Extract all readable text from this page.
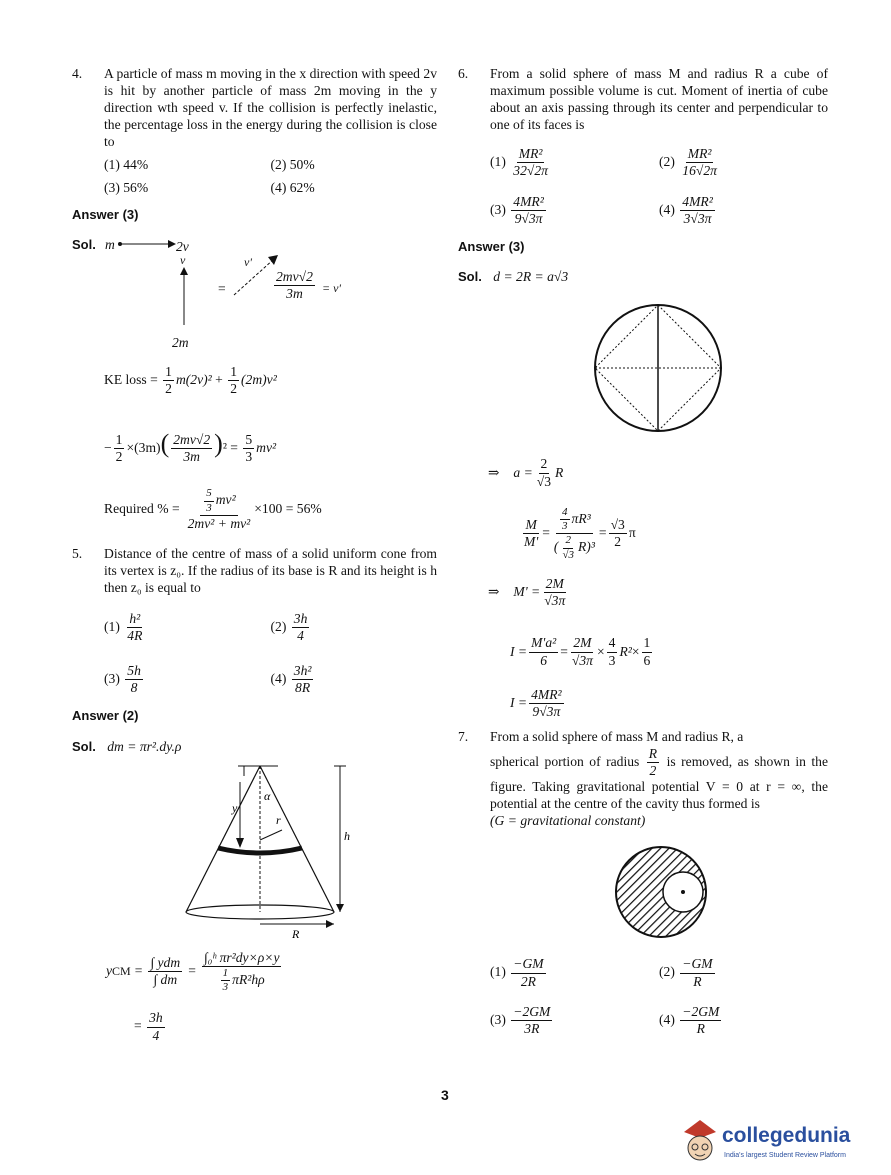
4.	A particle of mass m moving in the x direction with speed 2v is hit by another particle of mass 2m moving in the y direction wth speed v. If the collision is perfectly inelastic, the percentage loss in the energy during the collision is close to
(1) 44%	(2) 50%
(3) 56%	(4) 62%
Answer (3)
Sol. m	2v
v
2m
=
v'
$\frac{2mv√2}{3m} = v'$
KE loss = $\frac{1}{2} m(2v)^2 + \frac{1}{2} (2m)v^2$
− $\frac{1}{2} \times(3m)( \frac{2mv√2}{3m} )^2 = \frac{5}{3} mv^2$
Required % = $\frac{\frac{5}{3} mv^2}{\text{2mv² + mv²}} \times 100 = 56\%$
5.	Distance of the centre of mass of a solid uniform cone from its vertex is z₀. If the radius of its base is R and its height is h then z₀ is equal to
$(1) \frac{\text{h²}}{4R}$	$(2) \frac{3h}{4}$
$(3) \frac{5h}{8}$	$(4) \frac{\text{3h²}}{8R}$
Answer (2)
Sol. dm = πr².dy.ρ
α
y
r
h
R
y CM = $\frac{\text{∫ ydm}}{\int dm} = \frac{\text{∫₀ʰ πr²dy×ρ×y}}{\frac{1}{3} \pi R^2h\rho}$
= $\frac{3h}{4}$
6.	From a solid sphere of mass M and radius R a cube of maximum possible volume is cut. Moment of inertia of cube about an axis passing through its center and perpendicular to one of its faces is
$(1) \frac{\text{MR²}}{32√2\pi}$	$(2) \frac{\text{MR²}}{16√2\pi}$
$(3) \frac{\text{4MR²}}{9√3\pi}$	$(4) \frac{\text{4MR²}}{3√3\pi}$
Answer (3)
Sol. d = 2R = a√3
⇒ $a = \frac{2}{√3}$ R
$\frac{M}{M'} = \frac{\frac{4}{3} \pi R^3}{( \frac{2}{√3} R)^3} = \frac{√3}{2}$ π
⇒ $M' = \frac{2M}{√3\pi}$
$I = \frac{\text{M'a²}}{6} = \frac{2M}{√3\pi} \times \frac{4}{3} R^2 \times \frac{1}{6}$
$I = \frac{\text{4MR²}}{9√3\pi}$
7.	From a solid sphere of mass M and radius R, a
spherical portion of radius $\frac{R}{2}$ is removed, as shown in the figure. Taking gravitational potential V = 0 at r = ∞, the potential at the centre of the cavity thus formed is
(G = gravitational constant)
$(1) \frac{-GM}{2R}$	$(2) \frac{-GM}{R}$
$(3) \frac{-2GM}{3R}$	$(4) \frac{-2GM}{R}$
3
collegedunia
India's largest Student Review Platform
